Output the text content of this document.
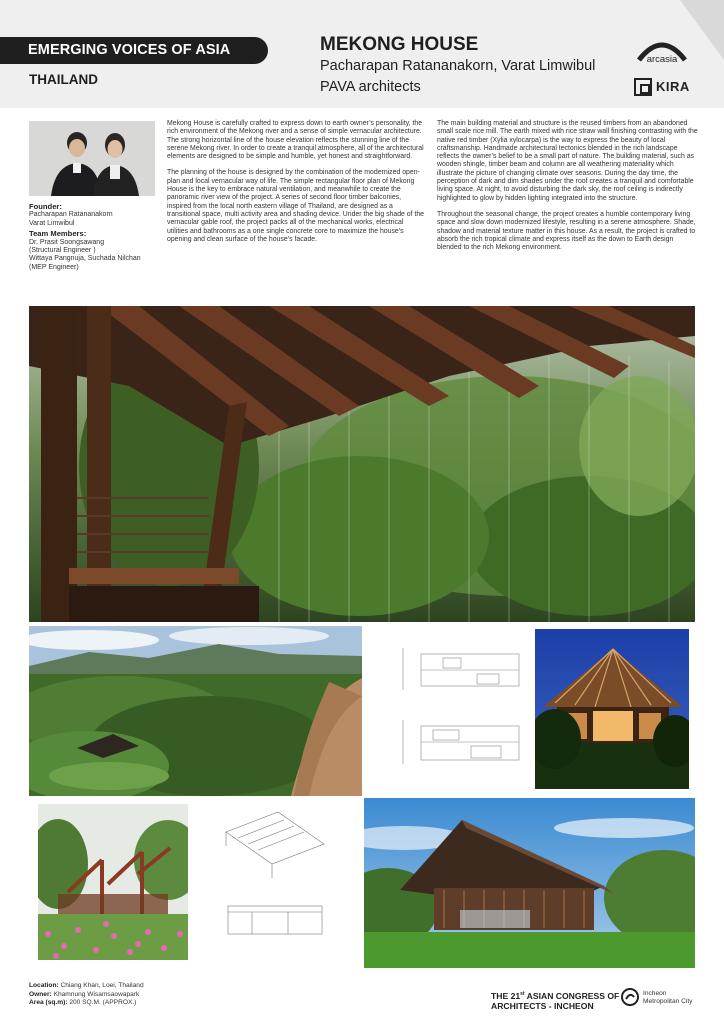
EMERGING VOICES OF ASIA
THAILAND
MEKONG HOUSE
Pacharapan Ratananakorn, Varat Limwibul
PAVA architects
arcasia
KIRA
Founder:
Pacharapan Ratananakorn
Varat Limwibul
Team Members:
Dr. Prasit Soongsawang
(Structural Engineer )
Wittaya Pangnuja, Suchada Nilchan
(MEP Engineer)

Mekong House is carefully crafted to express down to earth owner’s personality, the rich environment of the Mekong river and a sense of simple vernacular architecture. The strong horizontal line of the house elevation reflects the stunning line of the serene Mekong river. In order to create a tranquil atmosphere, all of the architectural elements are designed to be simple and humble, yet honest and straightforward.

The planning of the house is designed by the combination of the modernized open-plan and local vernacular way of life. The simple rectangular floor plan of Mekong House is the key to embrace natural ventilation, and meanwhile to create the panoramic river view of the project. A series of second floor timber balconies, inspired from the local north eastern village of Thailand, are designed as a transitional space, multi activity area and shading device. Under the big shade of the vernacular gable roof, the project packs all of the mechanical works, electrical utilities and bathrooms as a one single concrete core to maximize the house’s opening and clean surface of the house’s facade.

The main building material and structure is the reused timbers from an abandoned small scale rice mill. The earth mixed with rice straw wall finishing contrasting with the native red timber (Xylia xylocarpa) is the way to express the beauty of local craftsmanship. Handmade architectural tectonics blended in the rich landscape reflects the owner’s belief to be a small part of nature. The building material, such as wooden shingle, timber beam and column are all weathering materiality which illustrate the picture of changing climate over seasons. During the day time, the perception of dark and dim shades under the roof creates a tranquil and comfortable living space. At night, to avoid disturbing the dark sky, the roof ceiling is indirectly highlighted to glow by hidden lighting integrated into the structure.

Throughout the seasonal change, the project creates a humble contemporary living space and slow down modernized lifestyle, resulting in a serene atmosphere. Shade, shadow and material texture matter in this house. As a result, the project is crafted to absorb the rich tropical climate and express itself as the down to Earth design blended to the rich Mekong environment.

Location: Chiang Khan, Loei, Thailand
Owner: Khamnung Wisamsaowapark
Area (sq.m): 200 SQ.M. (APPROX.)
THE 21st ASIAN CONGRESS OF
ARCHITECTS - INCHEON
Incheon
Metropolitan City
